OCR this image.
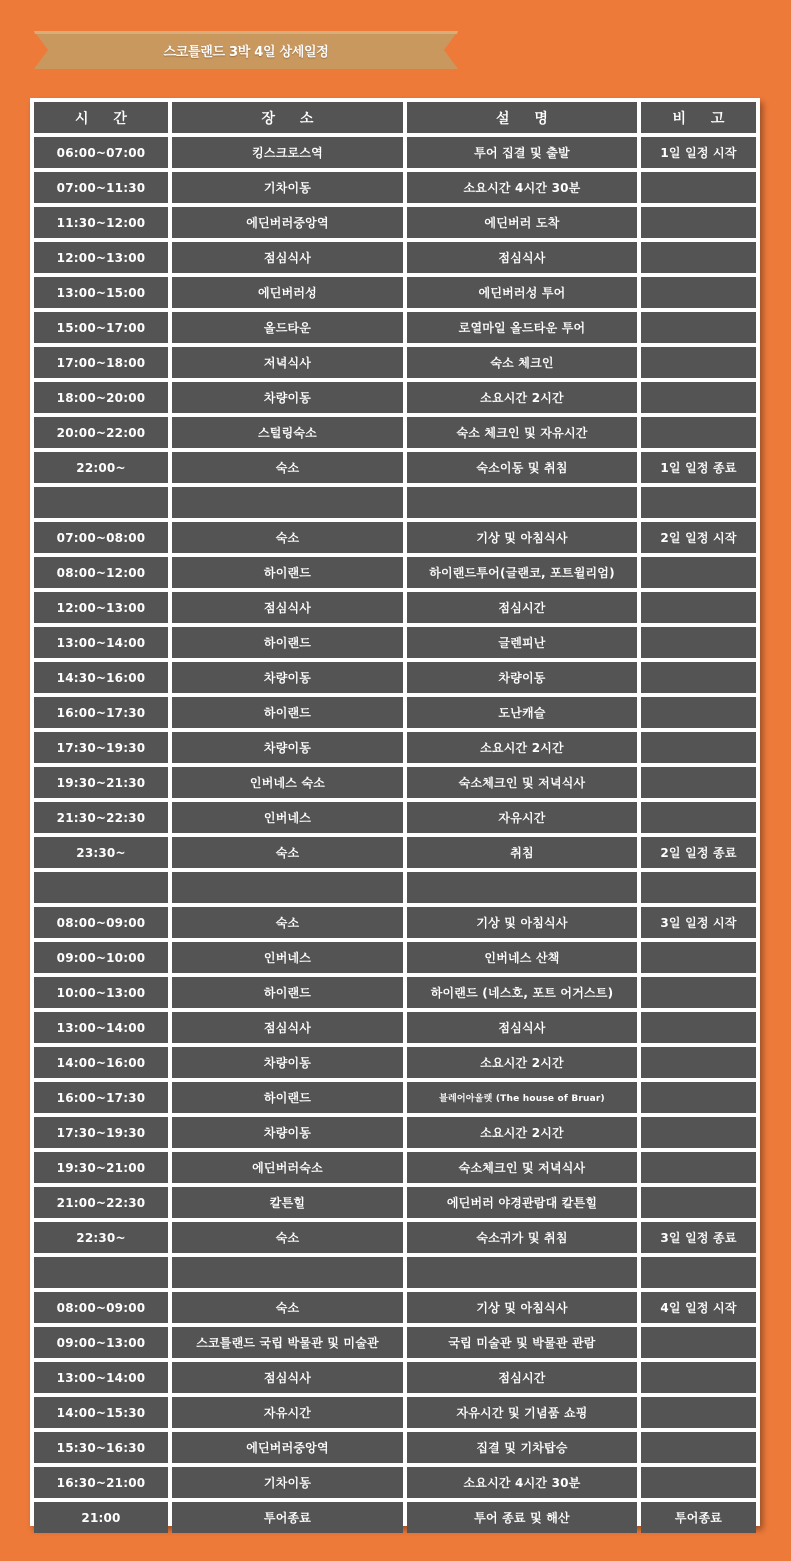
스코틀랜드 3박 4일 상세일정
시 간	장 소	설 명	비 고
06:00~07:00	킹스크로스역	투어 집결 및 출발	1일 일정 시작
07:00~11:30	기차이동	소요시간 4시간 30분
11:30~12:00	에딘버러중앙역	에딘버러 도착
12:00~13:00	점심식사	점심식사
13:00~15:00	에딘버러성	에딘버러성 투어
15:00~17:00	올드타운	로열마일 올드타운 투어
17:00~18:00	저녁식사	숙소 체크인
18:00~20:00	차량이동	소요시간 2시간
20:00~22:00	스털링숙소	숙소 체크인 및 자유시간
22:00~	숙소	숙소이동 및 취침	1일 일정 종료
07:00~08:00	숙소	기상 및 아침식사	2일 일정 시작
08:00~12:00	하이랜드	하이랜드투어(글랜코, 포트윌리엄)
12:00~13:00	점심식사	점심시간
13:00~14:00	하이랜드	글렌피난
14:30~16:00	차량이동	차량이동
16:00~17:30	하이랜드	도난캐슬
17:30~19:30	차량이동	소요시간 2시간
19:30~21:30	인버네스 숙소	숙소체크인 및 저녁식사
21:30~22:30	인버네스	자유시간
23:30~	숙소	취침	2일 일정 종료
08:00~09:00	숙소	기상 및 아침식사	3일 일정 시작
09:00~10:00	인버네스	인버네스 산책
10:00~13:00	하이랜드	하이랜드 (네스호, 포트 어거스트)
13:00~14:00	점심식사	점심식사
14:00~16:00	차량이동	소요시간 2시간
16:00~17:30	하이랜드	블레어아울렛 (The house of Bruar)
17:30~19:30	차량이동	소요시간 2시간
19:30~21:00	에딘버러숙소	숙소체크인 및 저녁식사
21:00~22:30	칼튼힐	에딘버러 야경관람대 칼튼힐
22:30~	숙소	숙소귀가 및 취침	3일 일정 종료
08:00~09:00	숙소	기상 및 아침식사	4일 일정 시작
09:00~13:00	스코틀랜드 국립 박물관 및 미술관	국립 미술관 및 박물관 관람
13:00~14:00	점심식사	점심시간
14:00~15:30	자유시간	자유시간 및 기념품 쇼핑
15:30~16:30	에딘버러중앙역	집결 및 기차탑승
16:30~21:00	기차이동	소요시간 4시간 30분
21:00	투어종료	투어 종료 및 해산	투어종료
